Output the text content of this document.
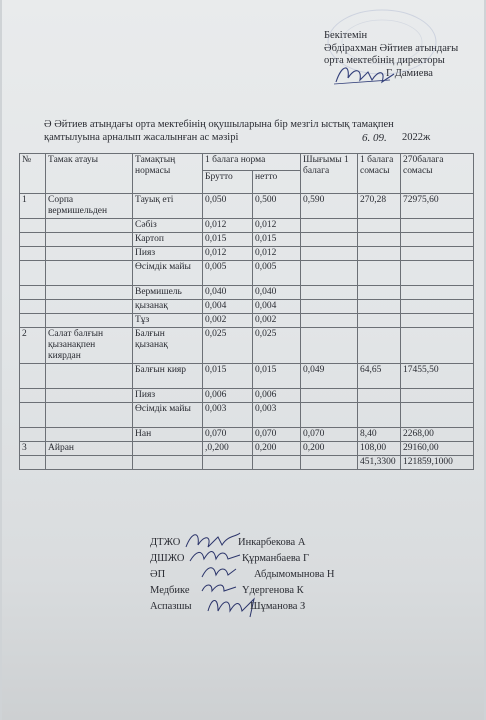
Бекітемін
Әбдірахман Әйтиев атындағы
орта мектебінің директоры
Г Дамиева
Ә Әйтиев атындағы орта мектебінің оқушыларына бір мезгіл ыстық тамақпен
қамтылуына арналып жасалынған ас мәзірі	6. 09. 2022ж
№	Тамак атауы	Тамақтың нормасы	1 балага норма		Шығымы 1 балага	1 балага сомасы	270балага сомасы
			Брутто	нетто			
1	Сорпа вермишельден	Тауық еті	0,050	0,500	0,590	270,28	72975,60
		Сәбіз	0,012	0,012			
		Картоп	0,015	0,015			
		Пияз	0,012	0,012			
		Өсімдік майы	0,005	0,005			
		Вермишель	0,040	0,040			
		қызанақ	0,004	0,004			
		Тұз	0,002	0,002			
2	Салат балғын қызанақпен киярдан	Балғын қызанақ	0,025	0,025			
		Балғын кияр	0,015	0,015	0,049	64,65	17455,50
		Пияз	0,006	0,006			
		Өсімдік майы	0,003	0,003			
		Нан	0,070	0,070	0,070	8,40	2268,00
3	Айран		,0,200	0,200	0,200	108,00	29160,00
						451,3300	121859,1000
ДТЖО	Инкарбекова А
ДШЖО	Құрманбаева Г
ӘП	Абдымомынова Н
Медбике	Үдергенова К
Аспазшы	Шұманова З
